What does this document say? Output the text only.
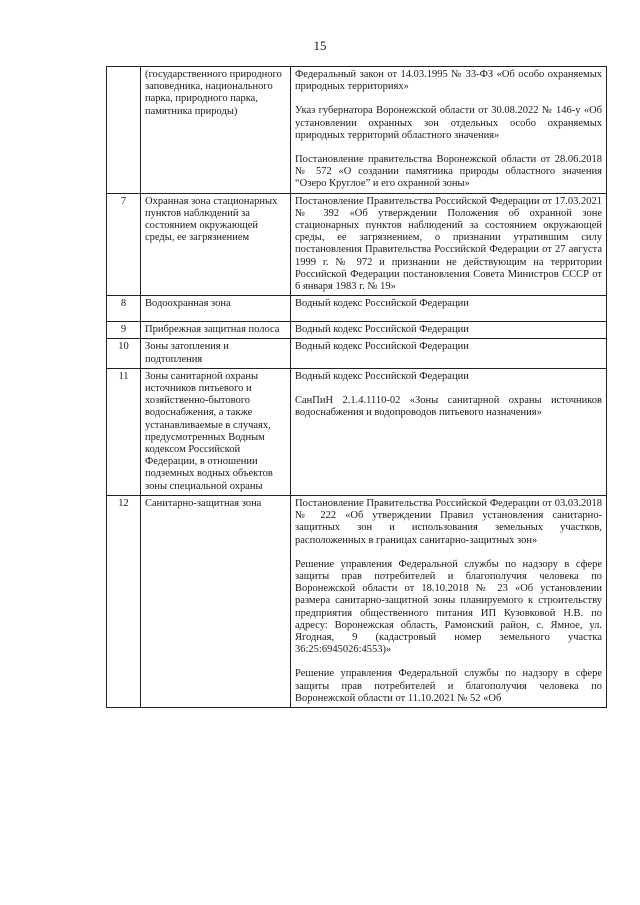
15
	(государственного природного заповедника, национального парка, природного парка, памятника природы)	Федеральный закон от 14.03.1995 № 33-ФЗ «Об особо охраняемых природных территориях»
Указ губернатора Воронежской области от 30.08.2022 № 146-у «Об установлении охранных зон отдельных особо охраняемых природных территорий областного значения»
Постановление правительства Воронежской области от 28.06.2018 № 572 «О создании памятника природы областного значения “Озеро Круглое” и его охранной зоны»

7	Охранная зона стационарных пунктов наблюдений за состоянием окружающей среды, ее загрязнением	Постановление Правительства Российской Федерации от 17.03.2021 № 392 «Об утверждении Положения об охранной зоне стационарных пунктов наблюдений за состоянием окружающей среды, ее загрязнением, о признании утратившим силу постановления Правительства Российской Федерации от 27 августа 1999 г. № 972 и признании не действующим на территории Российской Федерации постановления Совета Министров СССР от 6 января 1983 г. № 19»

8	Водоохранная зона	Водный кодекс Российской Федерации

9	Прибрежная защитная полоса	Водный кодекс Российской Федерации

10	Зоны затопления и подтопления	Водный кодекс Российской Федерации

11	Зоны санитарной охраны источников питьевого и хозяйственно-бытового водоснабжения, а также устанавливаемые в случаях, предусмотренных Водным кодексом Российской Федерации, в отношении подземных водных объектов зоны специальной охраны	Водный кодекс Российской Федерации
СанПиН 2.1.4.1110-02 «Зоны санитарной охраны источников водоснабжения и водопроводов питьевого назначения»

12	Санитарно-защитная зона	Постановление Правительства Российской Федерации от 03.03.2018 № 222 «Об утверждении Правил установления санитарно-защитных зон и использования земельных участков, расположенных в границах санитарно-защитных зон»
Решение управления Федеральной службы по надзору в сфере защиты прав потребителей и благополучия человека по Воронежской области от 18.10.2018 № 23 «Об установлении размера санитарно-защитной зоны планируемого к строительству предприятия общественного питания ИП Кузовковой Н.В. по адресу: Воронежская область, Рамонский район, с. Ямное, ул. Ягодная, 9 (кадастровый номер земельного участка 36:25:6945026:4553)»
Решение управления Федеральной службы по надзору в сфере защиты прав потребителей и благополучия человека по Воронежской области от 11.10.2021 № 52 «Об
